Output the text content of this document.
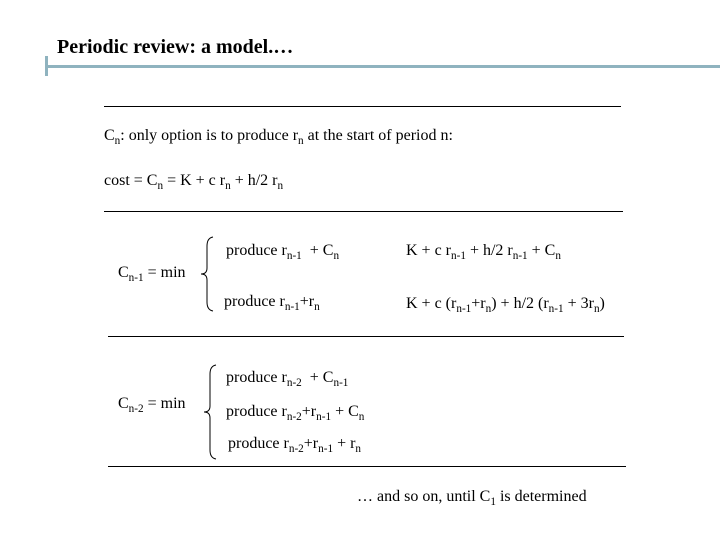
Periodic review: a model.…
$C_n$: only option is to produce $r_n$ at the start of period n:
$\cos t = C_n = K + c$ $r_n + h/2$ $r_n$
$C_{n-1} = \min$
produce $r_{n-1} + C_n$	K + c $r_{n-1} + h/2$ $r_{n-1} + C_n$
produce $r_{n-1}+r_n$	K + c $(r_{n-1}+r_n) + h/2$ $(r_{n-1} + 3r_n)$
$C_{n-2} = \min$
produce $r_{n-2} + C_{n-1}$
produce $r_{n-2}+r_{n-1} + C_n$
produce $r_{n-2}+r_{n-1} + r_n$
… and so on, until $C_1$ is determined
